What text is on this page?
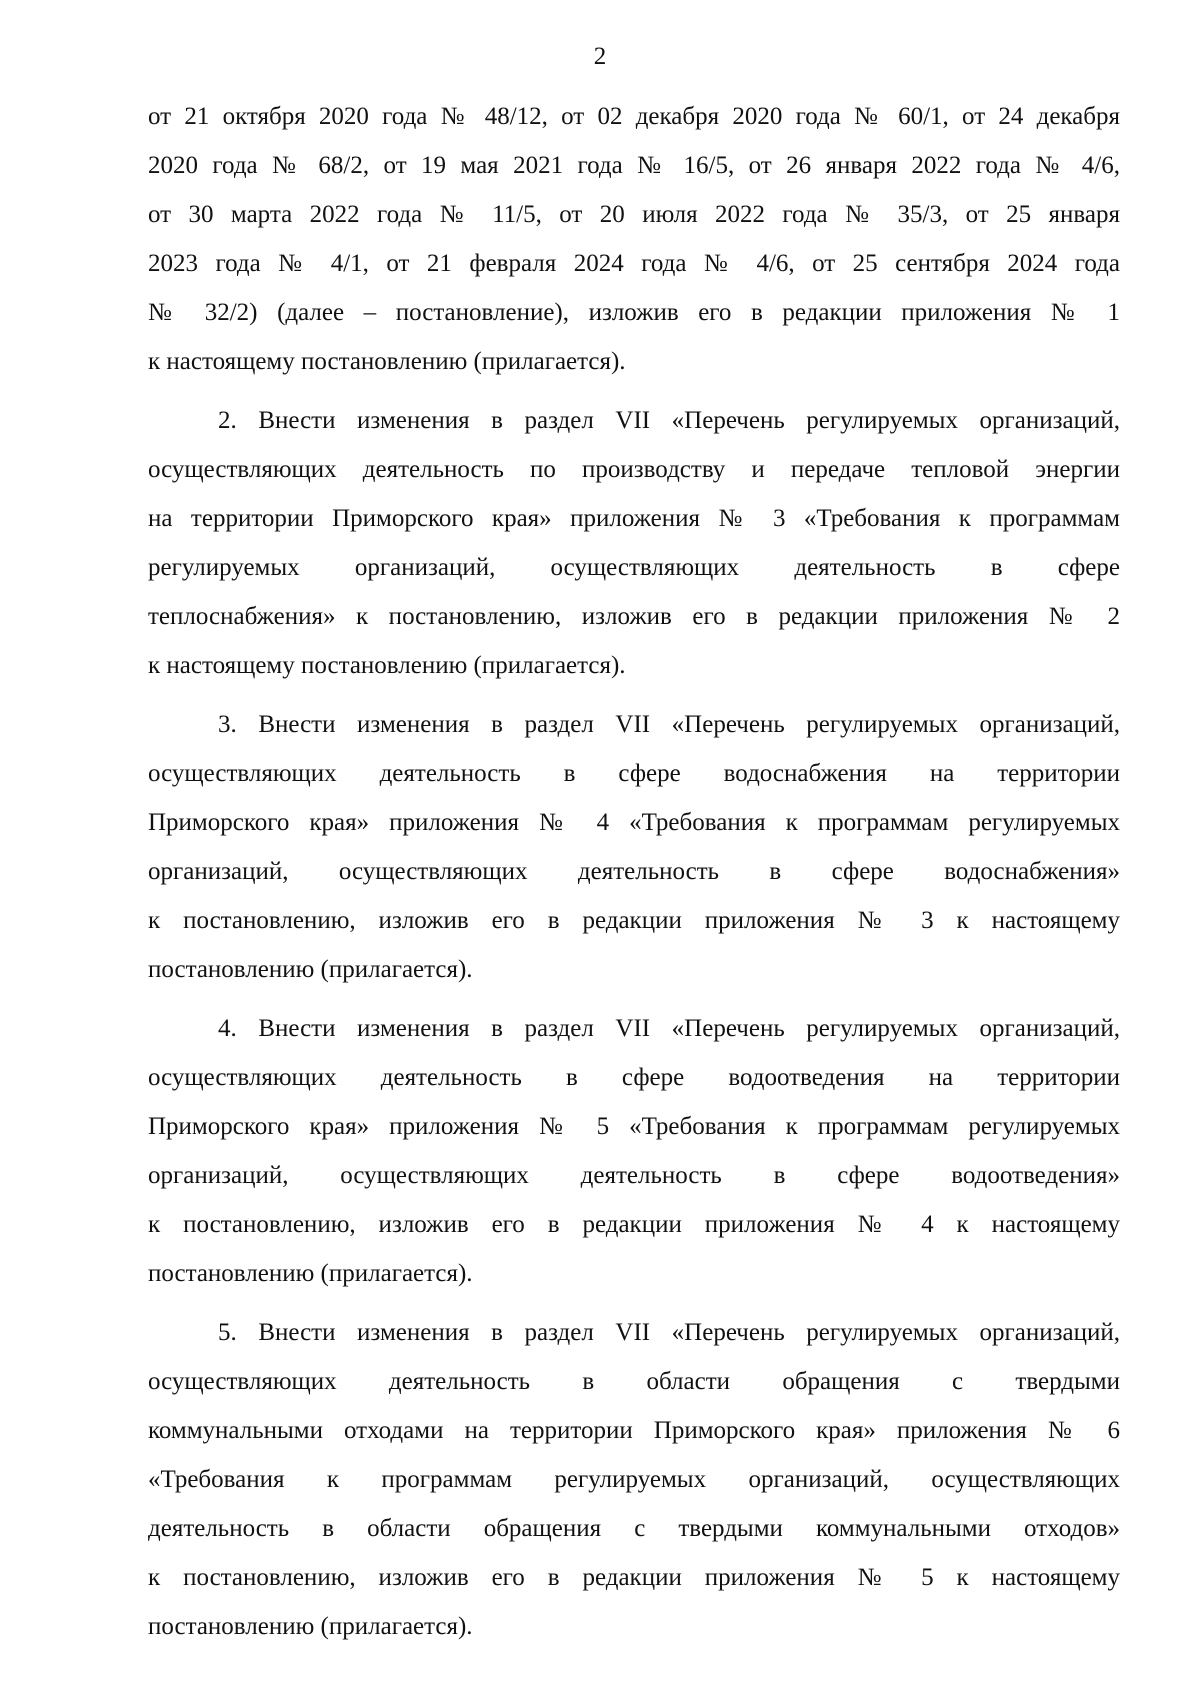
2
от 21 октября 2020 года № 48/12, от 02 декабря 2020 года № 60/1, от 24 декабря
2020 года № 68/2, от 19 мая 2021 года № 16/5, от 26 января 2022 года № 4/6,
от 30 марта 2022 года № 11/5, от 20 июля 2022 года № 35/3, от 25 января
2023 года № 4/1, от 21 февраля 2024 года № 4/6, от 25 сентября 2024 года
№ 32/2) (далее – постановление), изложив его в редакции приложения № 1
к настоящему постановлению (прилагается).
2. Внести изменения в раздел VII «Перечень регулируемых организаций,
осуществляющих деятельность по производству и передаче тепловой энергии
на территории Приморского края» приложения № 3 «Требования к программам
регулируемых организаций, осуществляющих деятельность в сфере
теплоснабжения» к постановлению, изложив его в редакции приложения № 2
к настоящему постановлению (прилагается).
3. Внести изменения в раздел VII «Перечень регулируемых организаций,
осуществляющих деятельность в сфере водоснабжения на территории
Приморского края» приложения № 4 «Требования к программам регулируемых
организаций, осуществляющих деятельность в сфере водоснабжения»
к постановлению, изложив его в редакции приложения № 3 к настоящему
постановлению (прилагается).
4. Внести изменения в раздел VII «Перечень регулируемых организаций,
осуществляющих деятельность в сфере водоотведения на территории
Приморского края» приложения № 5 «Требования к программам регулируемых
организаций, осуществляющих деятельность в сфере водоотведения»
к постановлению, изложив его в редакции приложения № 4 к настоящему
постановлению (прилагается).
5. Внести изменения в раздел VII «Перечень регулируемых организаций,
осуществляющих деятельность в области обращения с твердыми
коммунальными отходами на территории Приморского края» приложения № 6
«Требования к программам регулируемых организаций, осуществляющих
деятельность в области обращения с твердыми коммунальными отходов»
к постановлению, изложив его в редакции приложения № 5 к настоящему
постановлению (прилагается).
